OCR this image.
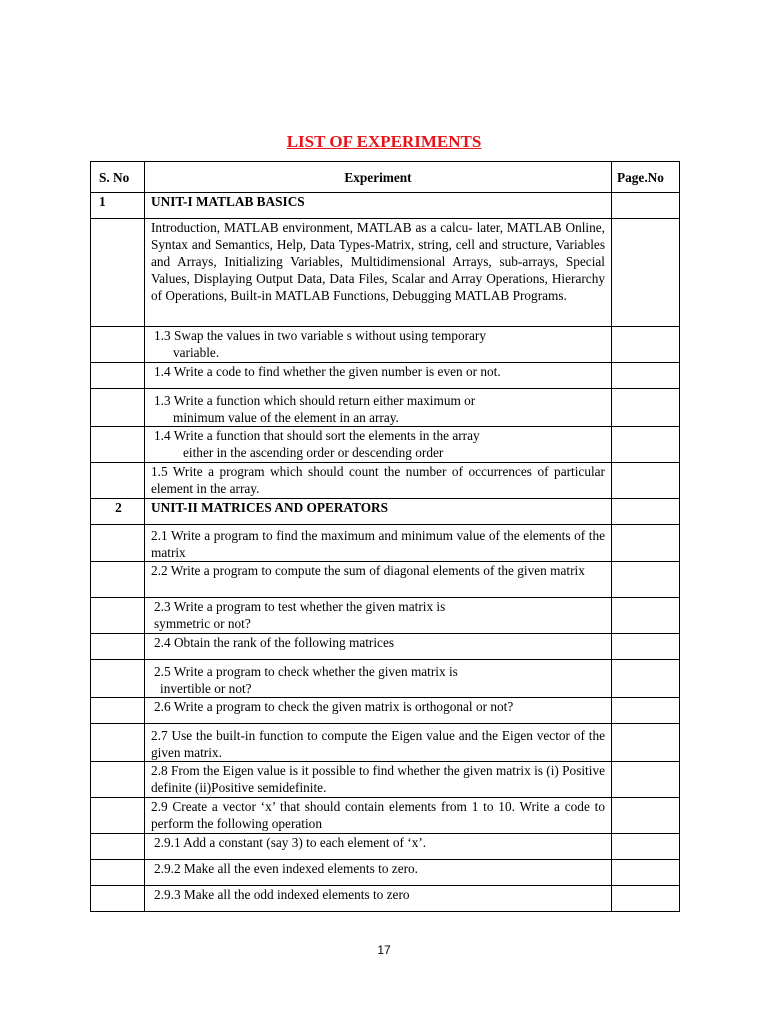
LIST OF EXPERIMENTS
S. No	Experiment	Page.No
1	UNIT-I MATLAB BASICS	
	Introduction, MATLAB environment, MATLAB as a calcu- later, MATLAB Online, Syntax and Semantics, Help, Data Types-Matrix, string, cell and structure, Variables and Arrays, Initializing Variables, Multidimensional Arrays, sub-arrays, Special Values, Displaying Output Data, Data Files, Scalar and Array Operations, Hierarchy of Operations, Built-in MATLAB Functions, Debugging MATLAB Programs.	

	1.3 Swap the values in two variable s without using temporary
variable.	

	1.4 Write a code to find whether the given number is even or not.	

	1.3 Write a function which should return either maximum or
minimum value of the element in an array.	

	1.4 Write a function that should sort the elements in the array
either in the ascending order or descending order	

	1.5 Write a program which should count the number of occurrences of particular element in the array.	
2	UNIT-II MATRICES AND OPERATORS	
	2.1 Write a program to find the maximum and minimum value of the elements of the matrix	
	2.2 Write a program to compute the sum of diagonal elements of the given matrix	

	2.3 Write a program to test whether the given matrix is
symmetric or not?	

	2.4 Obtain the rank of the following matrices	

	2.5 Write a program to check whether the given matrix is
invertible or not?	

	2.6 Write a program to check the given matrix is orthogonal or not?	

	2.7 Use the built-in function to compute the Eigen value and the Eigen vector of the given matrix.	
	2.8 From the Eigen value is it possible to find whether the given matrix is (i) Positive definite (ii)Positive semidefinite.	
	2.9 Create a vector ‘x’ that should contain elements from 1 to 10. Write a code to perform the following operation	

	2.9.1 Add a constant (say 3) to each element of ‘x’.	

	2.9.2 Make all the even indexed elements to zero.	

	2.9.3 Make all the odd indexed elements to zero	

17
